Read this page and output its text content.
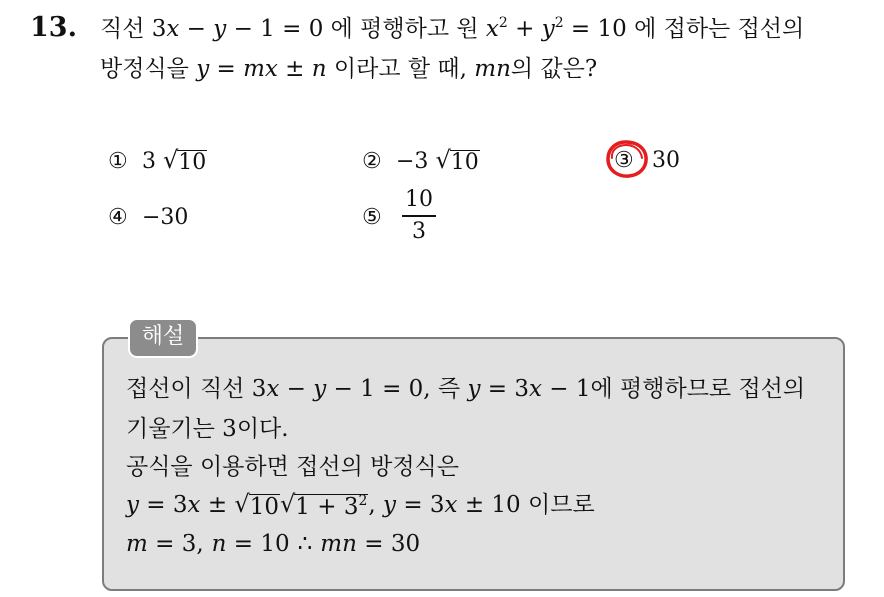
13. 직선 3x − y − 1 = 0 에 평행하고 원 $x^2 + y^2 = 10$ 에 접하는 접선의
방정식을 y = mx ± n 이라고 할 때, mn의 값은?
① 3 √ 10	② −3 √ 10	③ 30
④ −30	⑤
10
3
해설
접선이 직선 3x − y − 1 = 0, 즉 y = 3x − 1에 평행하므로 접선의
기울기는 3이다.
공식을 이용하면 접선의 방정식은
y = 3x ± √ 10 √ $1 + 3^2$ , y = 3x ± 10 이므로
m = 3, n = 10 ∴ mn = 30
